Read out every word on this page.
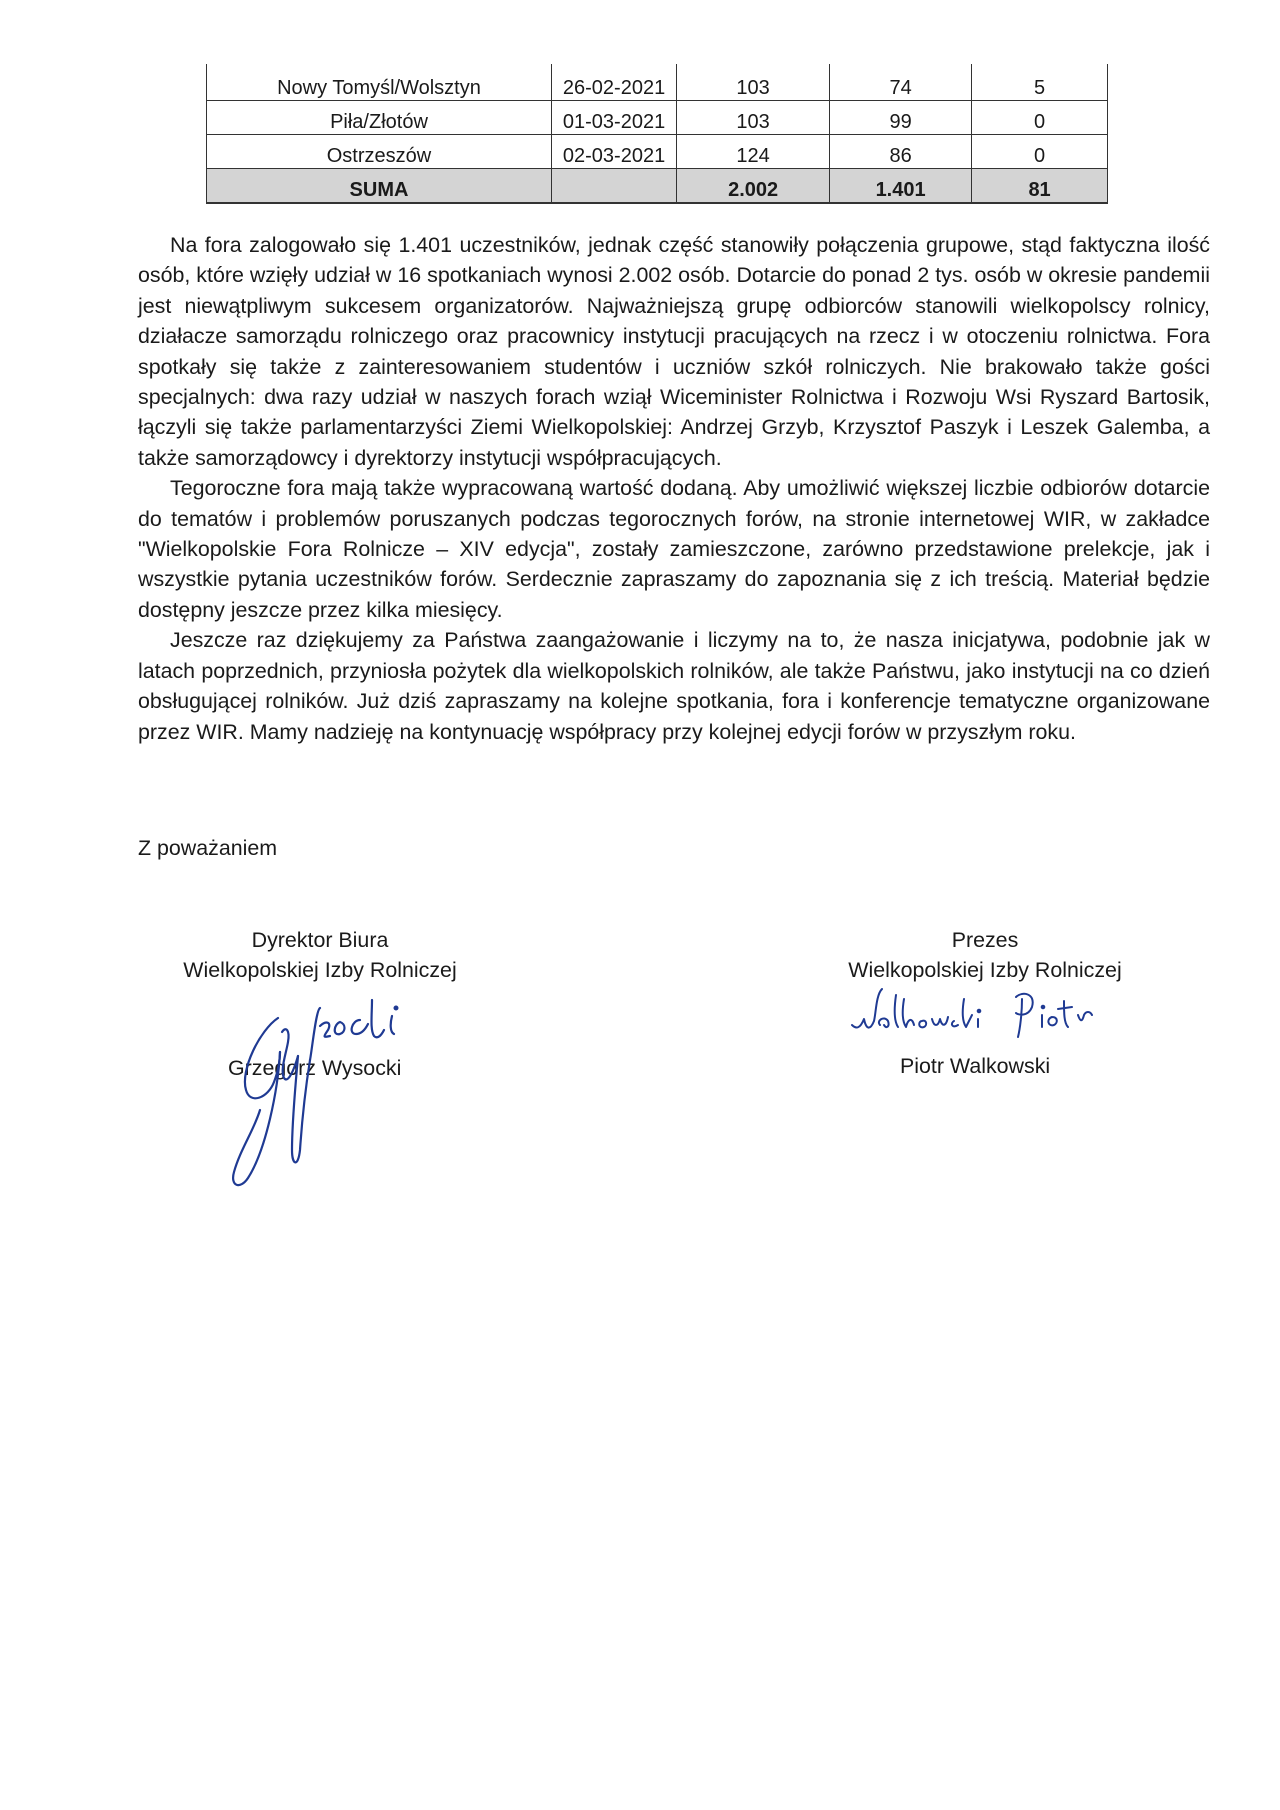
Nowy Tomyśl/Wolsztyn	26-02-2021	103	74	5
Piła/Złotów	01-03-2021	103	99	0
Ostrzeszów	02-03-2021	124	86	0
SUMA		2.002	1.401	81

Na fora zalogowało się 1.401 uczestników, jednak część stanowiły połączenia grupowe, stąd faktyczna ilość osób, które wzięły udział w 16 spotkaniach wynosi 2.002 osób. Dotarcie do ponad 2 tys. osób w okresie pandemii jest niewątpliwym sukcesem organizatorów. Najważniejszą grupę odbiorców stanowili wielkopolscy rolnicy, działacze samorządu rolniczego oraz pracownicy instytucji pracujących na rzecz i w otoczeniu rolnictwa. Fora spotkały się także z zainteresowaniem studentów i uczniów szkół rolniczych. Nie brakowało także gości specjalnych: dwa razy udział w naszych forach wziął Wiceminister Rolnictwa i Rozwoju Wsi Ryszard Bartosik, łączyli się także parlamentarzyści Ziemi Wielkopolskiej: Andrzej Grzyb, Krzysztof Paszyk i Leszek Galemba, a także samorządowcy i dyrektorzy instytucji współpracujących.

Tegoroczne fora mają także wypracowaną wartość dodaną. Aby umożliwić większej liczbie odbiorów dotarcie do tematów i problemów poruszanych podczas tegorocznych forów, na stronie internetowej WIR, w zakładce "Wielkopolskie Fora Rolnicze – XIV edycja", zostały zamieszczone, zarówno przedstawione prelekcje, jak i wszystkie pytania uczestników forów. Serdecznie zapraszamy do zapoznania się z ich treścią. Materiał będzie dostępny jeszcze przez kilka miesięcy.

Jeszcze raz dziękujemy za Państwa zaangażowanie i liczymy na to, że nasza inicjatywa, podobnie jak w latach poprzednich, przyniosła pożytek dla wielkopolskich rolników, ale także Państwu, jako instytucji na co dzień obsługującej rolników. Już dziś zapraszamy na kolejne spotkania, fora i konferencje tematyczne organizowane przez WIR. Mamy nadzieję na kontynuację współpracy przy kolejnej edycji forów w przyszłym roku.

Z poważaniem
Dyrektor Biura
Wielkopolskiej Izby Rolniczej
Grzegorz Wysocki
Prezes
Wielkopolskiej Izby Rolniczej
Piotr Walkowski
